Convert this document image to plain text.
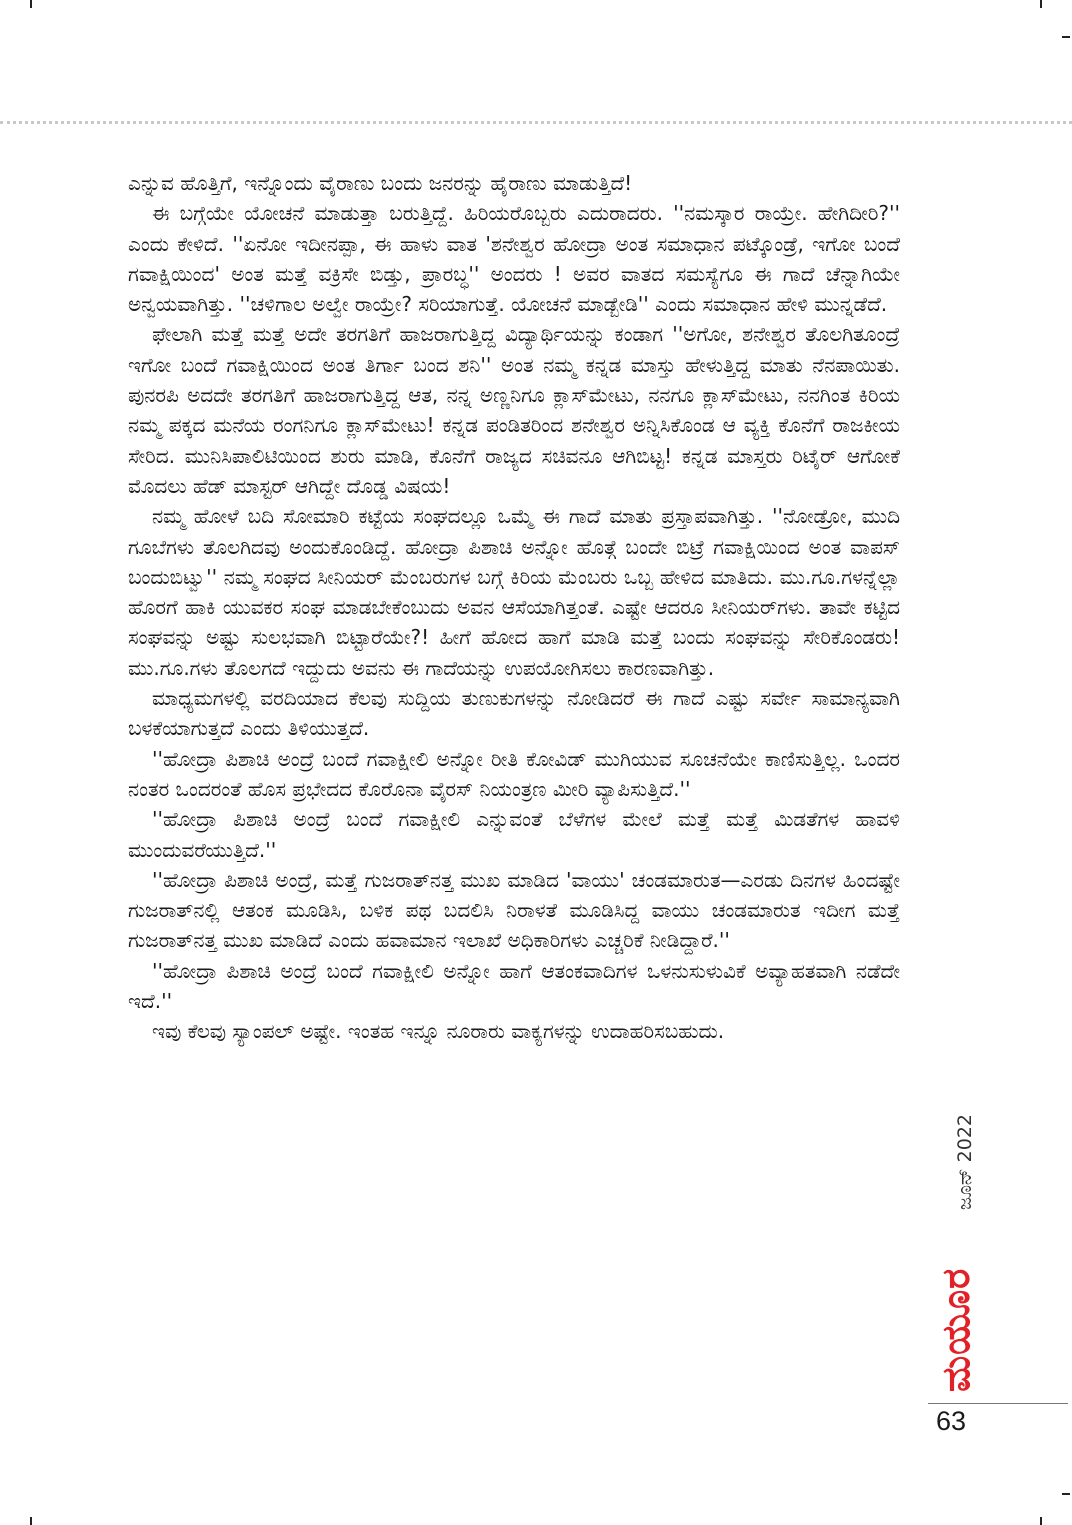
ಎನ್ನುವ ಹೊತ್ತಿಗೆ, ಇನ್ನೊಂದು ವೈರಾಣು ಬಂದು ಜನರನ್ನು ಹೈರಾಣು ಮಾಡುತ್ತಿದೆ!

ಈ ಬಗ್ಗೆಯೇ ಯೋಚನೆ ಮಾಡುತ್ತಾ ಬರುತ್ತಿದ್ದೆ. ಹಿರಿಯರೊಬ್ಬರು ಎದುರಾದರು. ''ನಮಸ್ಕಾರ ರಾಯ್ರೇ. ಹೇಗಿದೀರಿ?'' ಎಂದು ಕೇಳಿದೆ. ''ಏನೋ ಇದೀನಪ್ಪಾ, ಈ ಹಾಳು ವಾತ 'ಶನೇಶ್ವರ ಹೋದ್ರಾ ಅಂತ ಸಮಾಧಾನ ಪಟ್ಕೊಂಡ್ರೆ, ಇಗೋ ಬಂದೆ ಗವಾಕ್ಷಿಯಿಂದ' ಅಂತ ಮತ್ತೆ ವಕ್ರಿಸೇ ಬಿಡ್ತು, ಪ್ರಾರಬ್ಧ'' ಅಂದರು ! ಅವರ ವಾತದ ಸಮಸ್ಯೆಗೂ ಈ ಗಾದೆ ಚೆನ್ನಾಗಿಯೇ ಅನ್ವಯವಾಗಿತ್ತು. ''ಚಳಿಗಾಲ ಅಲ್ವೇ ರಾಯ್ರೇ? ಸರಿಯಾಗುತ್ತೆ. ಯೋಚನೆ ಮಾಡ್ಬೇಡಿ'' ಎಂದು ಸಮಾಧಾನ ಹೇಳಿ ಮುನ್ನಡೆದೆ.

ಫೇಲಾಗಿ ಮತ್ತೆ ಮತ್ತೆ ಅದೇ ತರಗತಿಗೆ ಹಾಜರಾಗುತ್ತಿದ್ದ ವಿದ್ಯಾರ್ಥಿಯನ್ನು ಕಂಡಾಗ ''ಅಗೋ, ಶನೇಶ್ವರ ತೊಲಗಿತೂಂದ್ರೆ ಇಗೋ ಬಂದೆ ಗವಾಕ್ಷಿಯಿಂದ ಅಂತ ತಿರ್ಗಾ ಬಂದ ಶನಿ'' ಅಂತ ನಮ್ಮ ಕನ್ನಡ ಮಾಸ್ತು ಹೇಳುತ್ತಿದ್ದ ಮಾತು ನೆನಪಾಯಿತು. ಪುನರಪಿ ಅದದೇ ತರಗತಿಗೆ ಹಾಜರಾಗುತ್ತಿದ್ದ ಆತ, ನನ್ನ ಅಣ್ಣನಿಗೂ ಕ್ಲಾಸ್‌ಮೇಟು, ನನಗೂ ಕ್ಲಾಸ್‌ಮೇಟು, ನನಗಿಂತ ಕಿರಿಯ ನಮ್ಮ ಪಕ್ಕದ ಮನೆಯ ರಂಗನಿಗೂ ಕ್ಲಾಸ್‌ಮೇಟು! ಕನ್ನಡ ಪಂಡಿತರಿಂದ ಶನೇಶ್ವರ ಅನ್ನಿಸಿಕೊಂಡ ಆ ವ್ಯಕ್ತಿ ಕೊನೆಗೆ ರಾಜಕೀಯ ಸೇರಿದ. ಮುನಿಸಿಪಾಲಿಟಿಯಿಂದ ಶುರು ಮಾಡಿ, ಕೊನೆಗೆ ರಾಜ್ಯದ ಸಚಿವನೂ ಆಗಿಬಿಟ್ಟ! ಕನ್ನಡ ಮಾಸ್ತರು ರಿಟೈರ್ ಆಗೋಕೆ ಮೊದಲು ಹೆಡ್ ಮಾಸ್ಟರ್ ಆಗಿದ್ದೇ ದೊಡ್ಡ ವಿಷಯ!

ನಮ್ಮ ಹೋಳೆ ಬದಿ ಸೋಮಾರಿ ಕಟ್ಟೆಯ ಸಂಘದಲ್ಲೂ ಒಮ್ಮೆ ಈ ಗಾದೆ ಮಾತು ಪ್ರಸ್ತಾಪವಾಗಿತ್ತು. ''ನೋಡ್ರೋ, ಮುದಿ ಗೂಬೆಗಳು ತೊಲಗಿದವು ಅಂದುಕೊಂಡಿದ್ದೆ. ಹೋದ್ರಾ ಪಿಶಾಚಿ ಅನ್ನೋ ಹೊತ್ಗೆ ಬಂದೇ ಬಿಟ್ರೆ ಗವಾಕ್ಷಿಯಿಂದ ಅಂತ ವಾಪಸ್ ಬಂದುಬಿಟ್ವು'' ನಮ್ಮ ಸಂಘದ ಸೀನಿಯರ್ ಮೆಂಬರುಗಳ ಬಗ್ಗೆ ಕಿರಿಯ ಮೆಂಬರು ಒಬ್ಬ ಹೇಳಿದ ಮಾತಿದು. ಮು.ಗೂ.ಗಳನ್ನೆಲ್ಲಾ ಹೊರಗೆ ಹಾಕಿ ಯುವಕರ ಸಂಘ ಮಾಡಬೇಕೆಂಬುದು ಅವನ ಆಸೆಯಾಗಿತ್ತಂತೆ. ಎಷ್ಟೇ ಆದರೂ ಸೀನಿಯರ್‌ಗಳು. ತಾವೇ ಕಟ್ಟಿದ ಸಂಘವನ್ನು ಅಷ್ಟು ಸುಲಭವಾಗಿ ಬಿಟ್ಟಾರೆಯೇ?! ಹೀಗೆ ಹೋದ ಹಾಗೆ ಮಾಡಿ ಮತ್ತೆ ಬಂದು ಸಂಘವನ್ನು ಸೇರಿಕೊಂಡರು! ಮು.ಗೂ.ಗಳು ತೊಲಗದೆ ಇದ್ದುದು ಅವನು ಈ ಗಾದೆಯನ್ನು ಉಪಯೋಗಿಸಲು ಕಾರಣವಾಗಿತ್ತು.

ಮಾಧ್ಯಮಗಳಲ್ಲಿ ವರದಿಯಾದ ಕೆಲವು ಸುದ್ದಿಯ ತುಣುಕುಗಳನ್ನು ನೋಡಿದರೆ ಈ ಗಾದೆ ಎಷ್ಟು ಸರ್ವೇ ಸಾಮಾನ್ಯವಾಗಿ ಬಳಕೆಯಾಗುತ್ತದೆ ಎಂದು ತಿಳಿಯುತ್ತದೆ.

''ಹೋದ್ರಾ ಪಿಶಾಚಿ ಅಂದ್ರೆ ಬಂದೆ ಗವಾಕ್ಷೀಲಿ ಅನ್ನೋ ರೀತಿ ಕೋವಿಡ್ ಮುಗಿಯುವ ಸೂಚನೆಯೇ ಕಾಣಿಸುತ್ತಿಲ್ಲ. ಒಂದರ ನಂತರ ಒಂದರಂತೆ ಹೊಸ ಪ್ರಭೇದದ ಕೊರೊನಾ ವೈರಸ್ ನಿಯಂತ್ರಣ ಮೀರಿ ವ್ಯಾಪಿಸುತ್ತಿದೆ.''

''ಹೋದ್ರಾ ಪಿಶಾಚಿ ಅಂದ್ರೆ ಬಂದೆ ಗವಾಕ್ಷೀಲಿ ಎನ್ನುವಂತೆ ಬೆಳೆಗಳ ಮೇಲೆ ಮತ್ತೆ ಮತ್ತೆ ಮಿಡತೆಗಳ ಹಾವಳಿ ಮುಂದುವರೆಯುತ್ತಿದೆ.''

''ಹೋದ್ರಾ ಪಿಶಾಚಿ ಅಂದ್ರೆ, ಮತ್ತೆ ಗುಜರಾತ್‌ನತ್ತ ಮುಖ ಮಾಡಿದ 'ವಾಯು' ಚಂಡಮಾರುತ—ಎರಡು ದಿನಗಳ ಹಿಂದಷ್ಟೇ ಗುಜರಾತ್‌ನಲ್ಲಿ ಆತಂಕ ಮೂಡಿಸಿ, ಬಳಿಕ ಪಥ ಬದಲಿಸಿ ನಿರಾಳತೆ ಮೂಡಿಸಿದ್ದ ವಾಯು ಚಂಡಮಾರುತ ಇದೀಗ ಮತ್ತೆ ಗುಜರಾತ್‌ನತ್ತ ಮುಖ ಮಾಡಿದೆ ಎಂದು ಹವಾಮಾನ ಇಲಾಖೆ ಅಧಿಕಾರಿಗಳು ಎಚ್ಚರಿಕೆ ನೀಡಿದ್ದಾರೆ.''

''ಹೋದ್ರಾ ಪಿಶಾಚಿ ಅಂದ್ರೆ ಬಂದೆ ಗವಾಕ್ಷೀಲಿ ಅನ್ನೋ ಹಾಗೆ ಆತಂಕವಾದಿಗಳ ಒಳನುಸುಳುವಿಕೆ ಅವ್ಯಾಹತವಾಗಿ ನಡೆದೇ ಇದೆ.''

ಇವು ಕೆಲವು ಸ್ಯಾಂಪಲ್ ಅಷ್ಟೇ. ಇಂತಹ ಇನ್ನೂ ನೂರಾರು ವಾಕ್ಯಗಳನ್ನು ಉದಾಹರಿಸಬಹುದು.

ಜೂನ್ 2022
ಮಯೂರ
63
